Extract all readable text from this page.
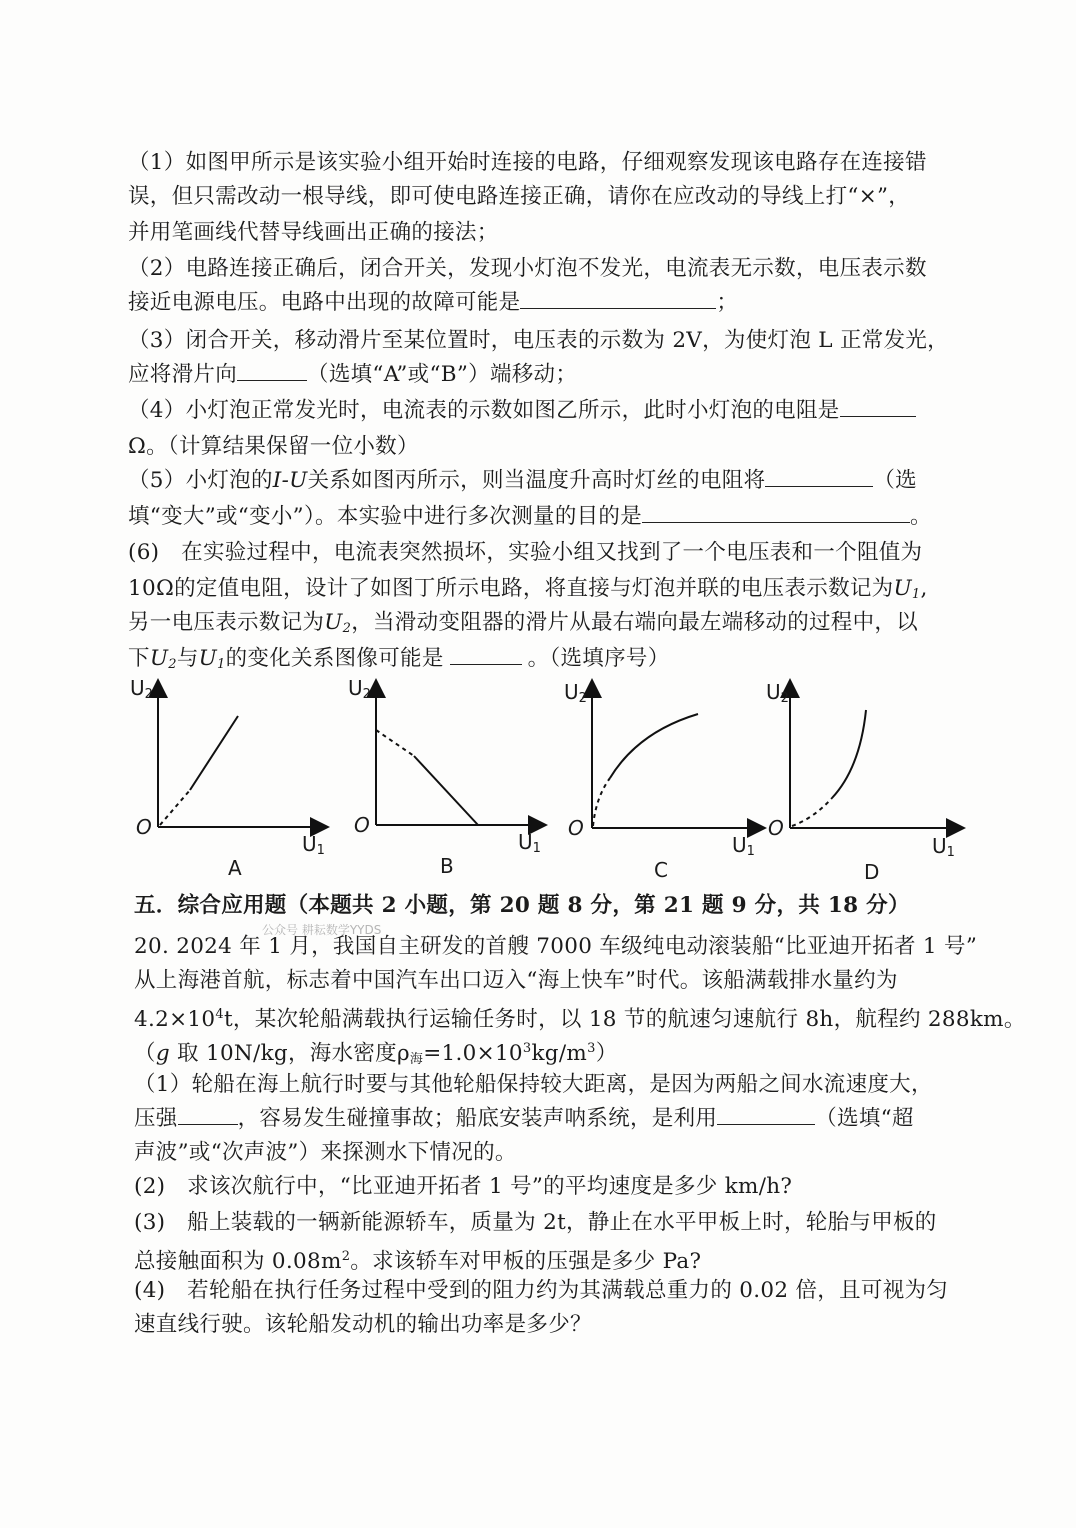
（1）如图甲所示是该实验小组开始时连接的电路，仔细观察发现该电路存在连接错
误，但只需改动一根导线，即可使电路连接正确，请你在应改动的导线上打“×”，
并用笔画线代替导线画出正确的接法；
（2）电路连接正确后，闭合开关，发现小灯泡不发光，电流表无示数，电压表示数
接近电源电压。电路中出现的故障可能是	；
（3）闭合开关，移动滑片至某位置时，电压表的示数为 2V，为使灯泡 L 正常发光，
应将滑片向	（选填“A”或“B”）端移动；
（4）小灯泡正常发光时，电流表的示数如图乙所示，此时小灯泡的电阻是
Ω。（计算结果保留一位小数）
（5）小灯泡的I-U关系如图丙所示，则当温度升高时灯丝的电阻将	（选
填“变大”或“变小”）。本实验中进行多次测量的目的是	。
(6)　在实验过程中，电流表突然损坏，实验小组又找到了一个电压表和一个阻值为
10Ω的定值电阻，设计了如图丁所示电路，将直接与灯泡并联的电压表示数记为$U_1$,
另一电压表示数记为$U_2$，当滑动变阻器的滑片从最右端向最左端移动的过程中，以
下$U_2$与$U_1$的变化关系图像可能是	。（选填序号）
$U_2$
O
$U_1$
A
$U_2$
O
$U_1$
B
$U_2$
O
$U_1$
C
$U_2$
O
$U_1$
D
五．综合应用题（本题共 2 小题，第 20 题 8 分，第 21 题 9 分，共 18 分）
公众号 耕耘数学YYDS
20. 2024 年 1 月，我国自主研发的首艘 7000 车级纯电动滚装船“比亚迪开拓者 1 号”
从上海港首航，标志着中国汽车出口迈入“海上快车”时代。该船满载排水量约为
$4.2\times 10^4t$，某次轮船满载执行运输任务时，以 18 节的航速匀速航行 8h，航程约 288km。
（g 取 10N/kg，海水密度$\rho_海=1.0\times 10^3kg/m^3$）
（1）轮船在海上航行时要与其他轮船保持较大距离，是因为两船之间水流速度大，
压强	，容易发生碰撞事故；船底安装声呐系统，是利用	（选填“超
声波”或“次声波”）来探测水下情况的。
(2)　求该次航行中，“比亚迪开拓者 1 号”的平均速度是多少 km/h?
(3)　船上装载的一辆新能源轿车，质量为 2t，静止在水平甲板上时，轮胎与甲板的
总接触面积为 $0.08m^2$。求该轿车对甲板的压强是多少 Pa?
(4)　若轮船在执行任务过程中受到的阻力约为其满载总重力的 0.02 倍，且可视为匀
速直线行驶。该轮船发动机的输出功率是多少？
